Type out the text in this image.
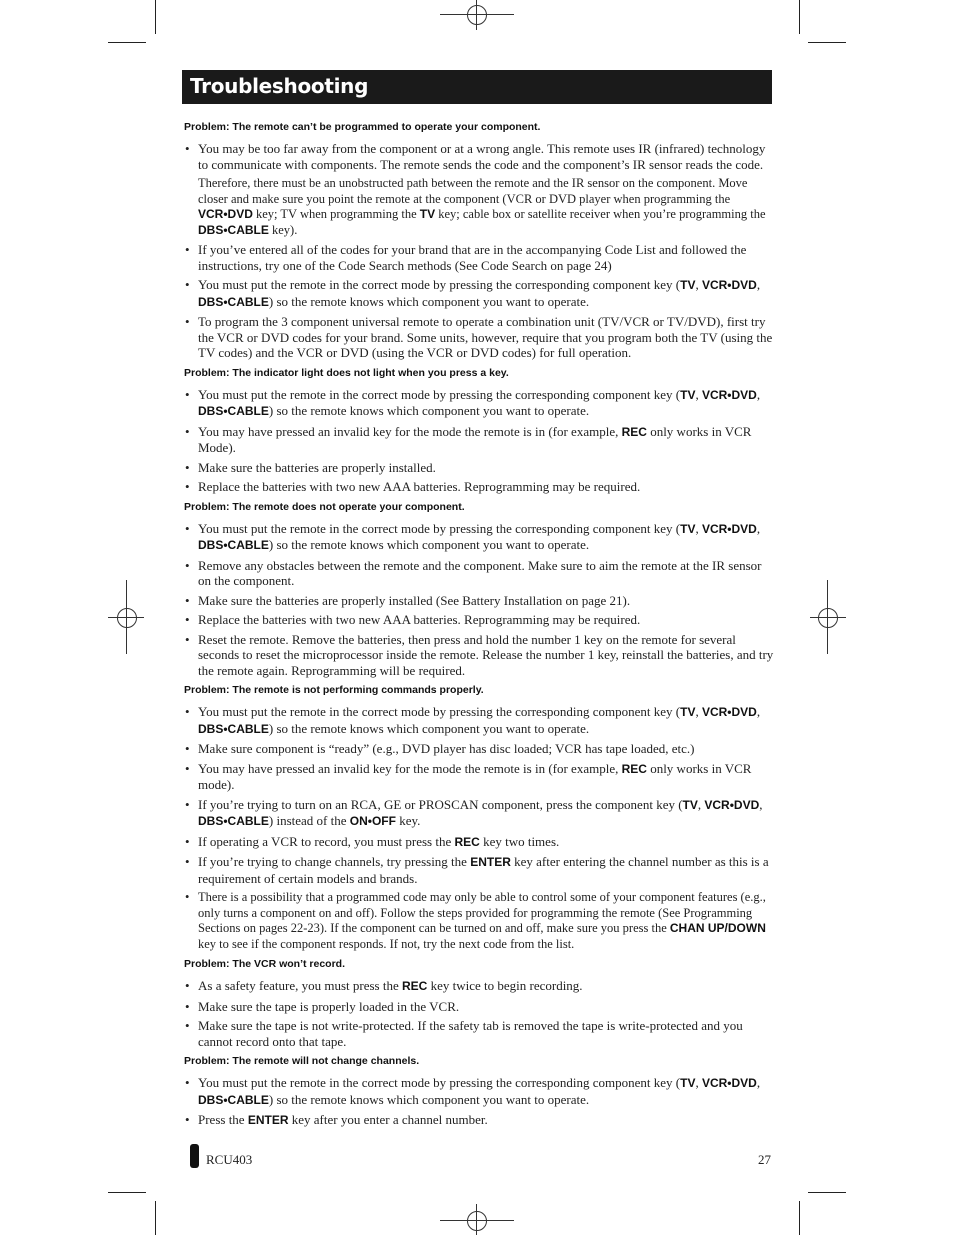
Troubleshooting
Problem: The remote can’t be programmed to operate your component.
• You may be too far away from the component or at a wrong angle. This remote uses IR (infrared) technology to communicate with components. The remote sends the code and the component’s IR sensor reads the code.
Therefore, there must be an unobstructed path between the remote and the IR sensor on the component. Move closer and make sure you point the remote at the component (VCR or DVD player when programming the VCR•DVD key; TV when programming the TV key; cable box or satellite receiver when you’re programming the DBS•CABLE key).
• If you’ve entered all of the codes for your brand that are in the accompanying Code List and followed the instructions, try one of the Code Search methods (See Code Search on page 24)
• You must put the remote in the correct mode by pressing the corresponding component key (TV, VCR•DVD, DBS•CABLE) so the remote knows which component you want to operate.
• To program the 3 component universal remote to operate a combination unit (TV/VCR or TV/DVD), first try the VCR or DVD codes for your brand. Some units, however, require that you program both the TV (using the TV codes) and the VCR or DVD (using the VCR or DVD codes) for full operation.
Problem: The indicator light does not light when you press a key.
• You must put the remote in the correct mode by pressing the corresponding component key (TV, VCR•DVD, DBS•CABLE) so the remote knows which component you want to operate.
• You may have pressed an invalid key for the mode the remote is in (for example, REC only works in VCR Mode).
• Make sure the batteries are properly installed.
• Replace the batteries with two new AAA batteries. Reprogramming may be required.
Problem: The remote does not operate your component.
• You must put the remote in the correct mode by pressing the corresponding component key (TV, VCR•DVD, DBS•CABLE) so the remote knows which component you want to operate.
• Remove any obstacles between the remote and the component. Make sure to aim the remote at the IR sensor on the component.
• Make sure the batteries are properly installed (See Battery Installation on page 21).
• Replace the batteries with two new AAA batteries. Reprogramming may be required.
• Reset the remote. Remove the batteries, then press and hold the number 1 key on the remote for several seconds to reset the microprocessor inside the remote. Release the number 1 key, reinstall the batteries, and try the remote again. Reprogramming will be required.
Problem: The remote is not performing commands properly.
• You must put the remote in the correct mode by pressing the corresponding component key (TV, VCR•DVD, DBS•CABLE) so the remote knows which component you want to operate.
• Make sure component is “ready” (e.g., DVD player has disc loaded; VCR has tape loaded, etc.)
• You may have pressed an invalid key for the mode the remote is in (for example, REC only works in VCR mode).
• If you’re trying to turn on an RCA, GE or PROSCAN component, press the component key (TV, VCR•DVD, DBS•CABLE) instead of the ON•OFF key.
• If operating a VCR to record, you must press the REC key two times.
• If you’re trying to change channels, try pressing the ENTER key after entering the channel number as this is a requirement of certain models and brands.
• There is a possibility that a programmed code may only be able to control some of your component features (e.g., only turns a component on and off). Follow the steps provided for programming the remote (See Programming Sections on pages 22-23). If the component can be turned on and off, make sure you press the CHAN UP/DOWN key to see if the component responds. If not, try the next code from the list.
Problem: The VCR won’t record.
• As a safety feature, you must press the REC key twice to begin recording.
• Make sure the tape is properly loaded in the VCR.
• Make sure the tape is not write-protected. If the safety tab is removed the tape is write-protected and you cannot record onto that tape.
Problem: The remote will not change channels.
• You must put the remote in the correct mode by pressing the corresponding component key (TV, VCR•DVD, DBS•CABLE) so the remote knows which component you want to operate.
• Press the ENTER key after you enter a channel number.
RCU403	27
